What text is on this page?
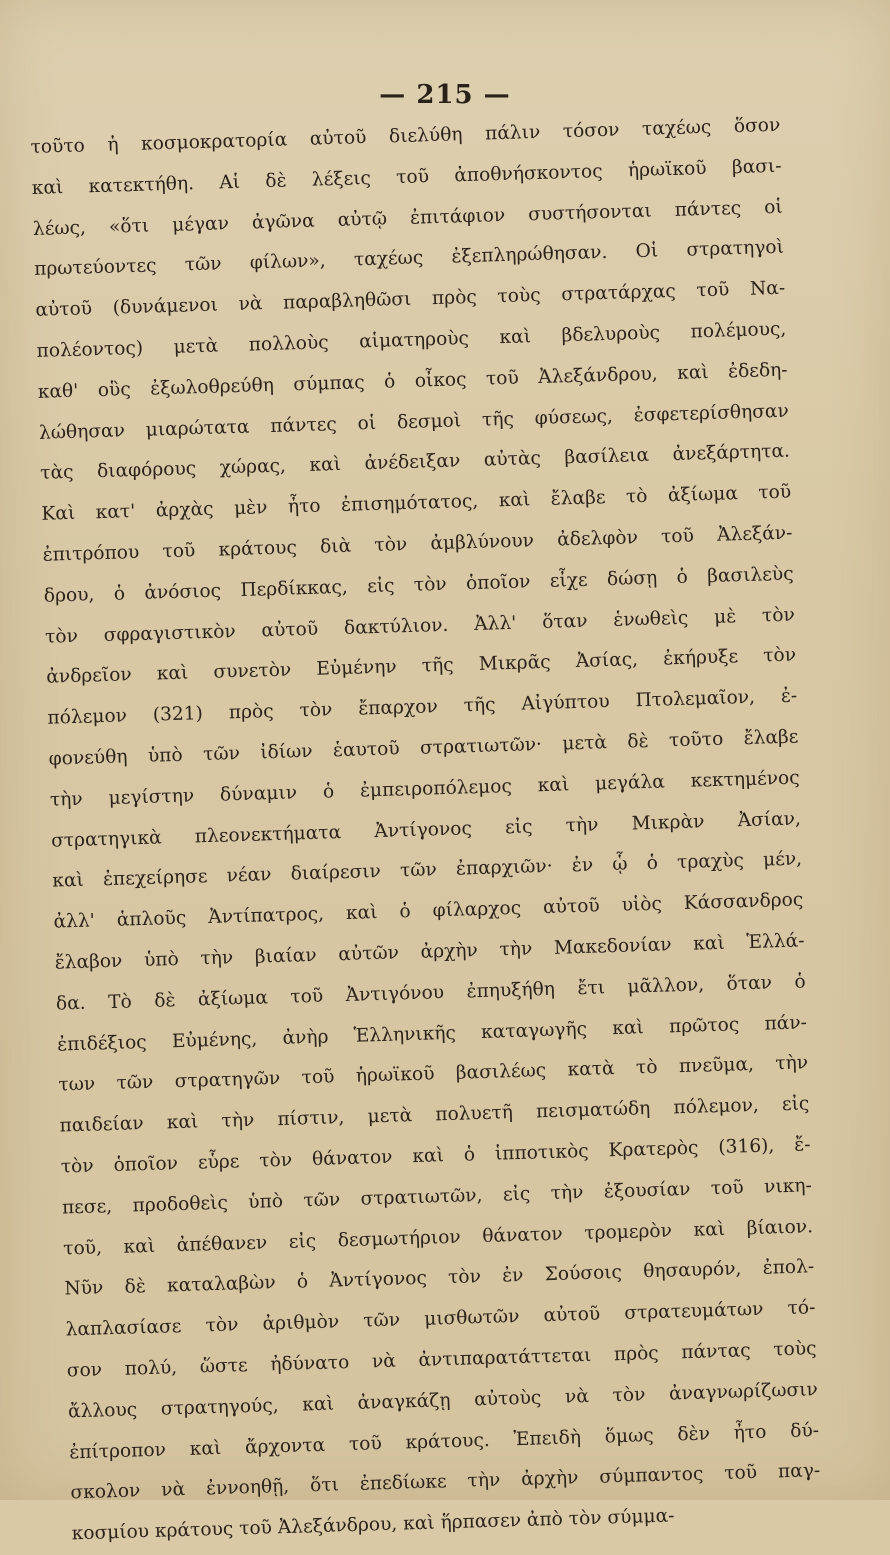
— 215 —
τοῦτο ἡ κοσμοκρατορία αὐτοῦ διελύθη πάλιν τόσον ταχέως ὅσον
καὶ κατεκτήθη. Αἱ δὲ λέξεις τοῦ ἀποθνήσκοντος ἡρωϊκοῦ βασι-
λέως, «ὅτι μέγαν ἀγῶνα αὐτῷ ἐπιτάφιον συστήσονται πάντες οἱ
πρωτεύοντες τῶν φίλων», ταχέως ἐξεπληρώθησαν. Οἱ στρατηγοὶ
αὐτοῦ (δυνάμενοι νὰ παραβληθῶσι πρὸς τοὺς στρατάρχας τοῦ Να-
πολέοντος) μετὰ πολλοὺς αἱματηροὺς καὶ βδελυροὺς πολέμους,
καθ' οὓς ἐξωλοθρεύθη σύμπας ὁ οἶκος τοῦ Ἀλεξάνδρου, καὶ ἐδεδη-
λώθησαν μιαρώτατα πάντες οἱ δεσμοὶ τῆς φύσεως, ἐσφετερίσθησαν
τὰς διαφόρους χώρας, καὶ ἀνέδειξαν αὐτὰς βασίλεια ἀνεξάρτητα.
Καὶ κατ' ἀρχὰς μὲν ἦτο ἐπισημότατος, καὶ ἔλαβε τὸ ἀξίωμα τοῦ
ἐπιτρόπου τοῦ κράτους διὰ τὸν ἀμβλύνουν ἀδελφὸν τοῦ Ἀλεξάν-
δρου, ὁ ἀνόσιος Περδίκκας, εἰς τὸν ὁποῖον εἶχε δώσῃ ὁ βασιλεὺς
τὸν σφραγιστικὸν αὐτοῦ δακτύλιον. Ἀλλ' ὅταν ἑνωθεὶς μὲ τὸν
ἀνδρεῖον καὶ συνετὸν Εὐμένην τῆς Μικρᾶς Ἀσίας, ἐκήρυξε τὸν
πόλεμον (321) πρὸς τὸν ἔπαρχον τῆς Αἰγύπτου Πτολεμαῖον, ἐ-
φονεύθη ὑπὸ τῶν ἰδίων ἑαυτοῦ στρατιωτῶν· μετὰ δὲ τοῦτο ἔλαβε
τὴν μεγίστην δύναμιν ὁ ἐμπειροπόλεμος καὶ μεγάλα κεκτημένος
στρατηγικὰ πλεονεκτήματα Ἀντίγονος εἰς τὴν Μικρὰν Ἀσίαν,
καὶ ἐπεχείρησε νέαν διαίρεσιν τῶν ἐπαρχιῶν· ἐν ᾧ ὁ τραχὺς μέν,
ἀλλ' ἁπλοῦς Ἀντίπατρος, καὶ ὁ φίλαρχος αὐτοῦ υἱὸς Κάσσανδρος
ἔλαβον ὑπὸ τὴν βιαίαν αὐτῶν ἀρχὴν τὴν Μακεδονίαν καὶ Ἑλλά-
δα. Τὸ δὲ ἀξίωμα τοῦ Ἀντιγόνου ἐπηυξήθη ἔτι μᾶλλον, ὅταν ὁ
ἐπιδέξιος Εὐμένης, ἀνὴρ Ἑλληνικῆς καταγωγῆς καὶ πρῶτος πάν-
των τῶν στρατηγῶν τοῦ ἡρωϊκοῦ βασιλέως κατὰ τὸ πνεῦμα, τὴν
παιδείαν καὶ τὴν πίστιν, μετὰ πολυετῆ πεισματώδη πόλεμον, εἰς
τὸν ὁποῖον εὗρε τὸν θάνατον καὶ ὁ ἱπποτικὸς Κρατερὸς (316), ἔ-
πεσε, προδοθεὶς ὑπὸ τῶν στρατιωτῶν, εἰς τὴν ἐξουσίαν τοῦ νικη-
τοῦ, καὶ ἀπέθανεν εἰς δεσμωτήριον θάνατον τρομερὸν καὶ βίαιον.
Νῦν δὲ καταλαβὼν ὁ Ἀντίγονος τὸν ἐν Σούσοις θησαυρόν, ἐπολ-
λαπλασίασε τὸν ἀριθμὸν τῶν μισθωτῶν αὐτοῦ στρατευμάτων τό-
σον πολύ, ὥστε ἠδύνατο νὰ ἀντιπαρατάττεται πρὸς πάντας τοὺς
ἄλλους στρατηγούς, καὶ ἀναγκάζῃ αὐτοὺς νὰ τὸν ἀναγνωρίζωσιν
ἐπίτροπον καὶ ἄρχοντα τοῦ κράτους. Ἐπειδὴ ὅμως δὲν ἦτο δύ-
σκολον νὰ ἐννοηθῇ, ὅτι ἐπεδίωκε τὴν ἀρχὴν σύμπαντος τοῦ παγ-
κοσμίου κράτους τοῦ Ἀλεξάνδρου, καὶ ἥρπασεν ἀπὸ τὸν σύμμα-
